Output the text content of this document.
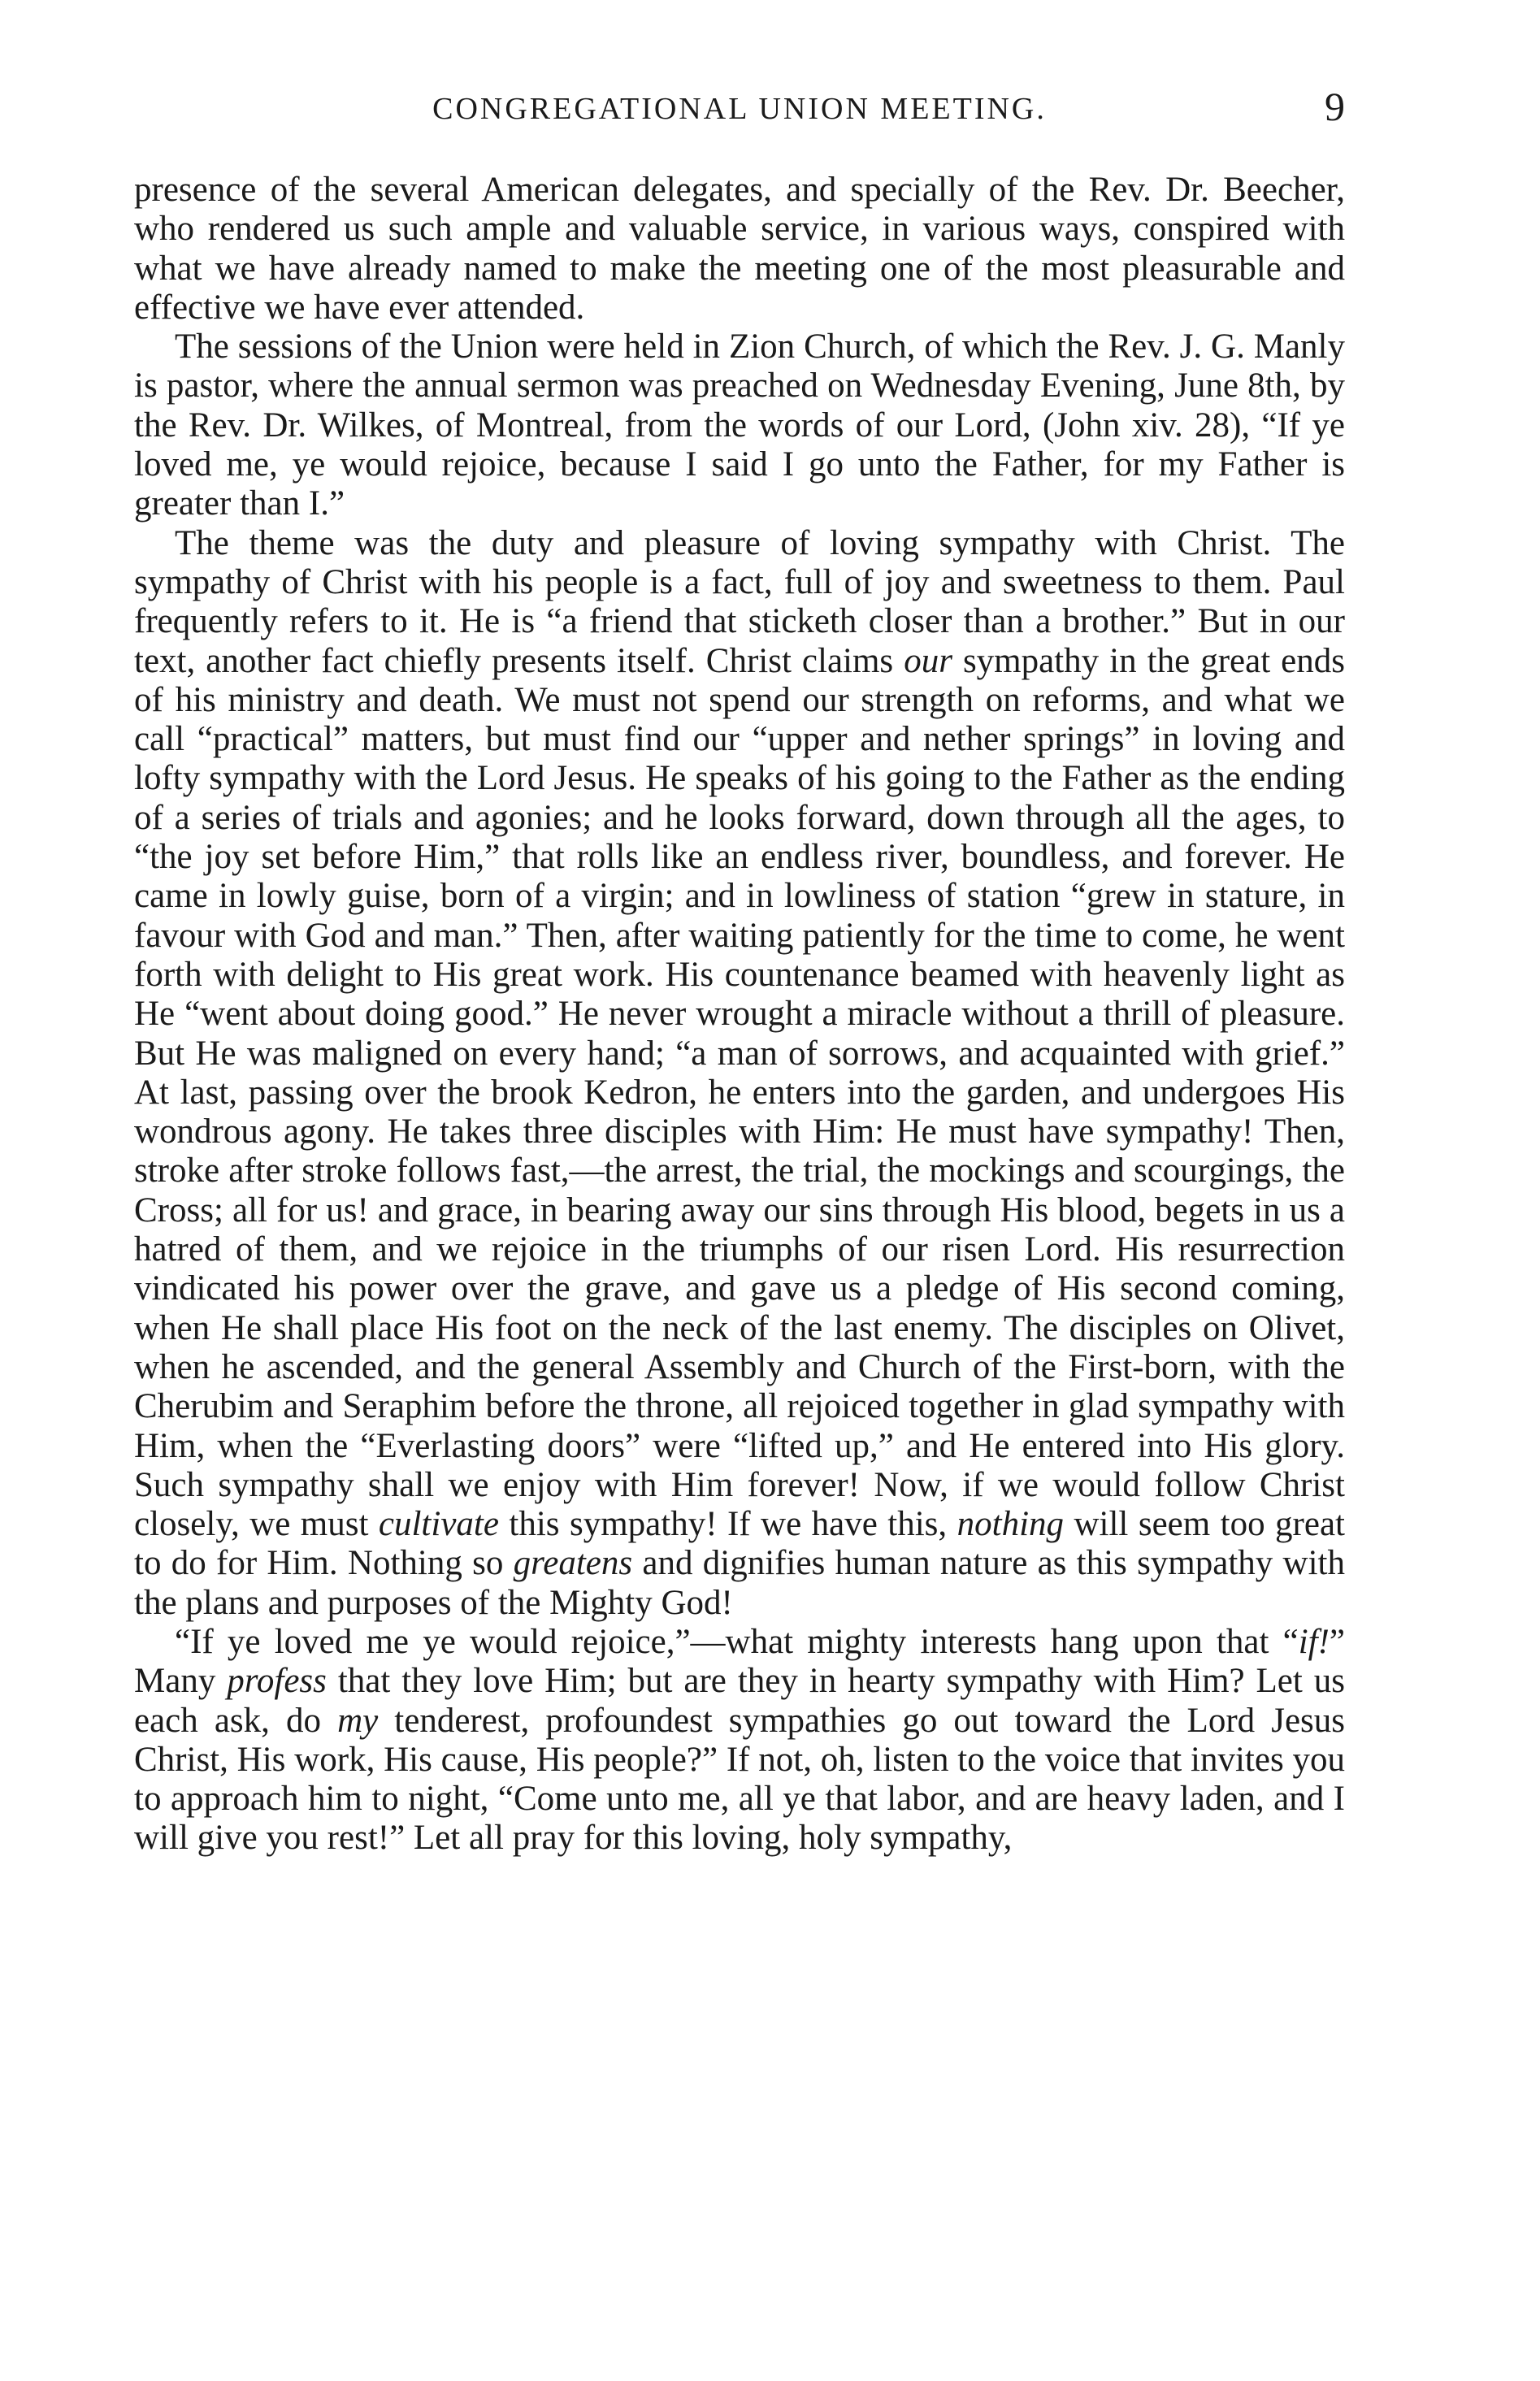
CONGREGATIONAL UNION MEETING.	9

presence of the several American delegates, and specially of the Rev. Dr. Beecher, who rendered us such ample and valuable service, in various ways, conspired with what we have already named to make the meeting one of the most pleasurable and effective we have ever attended.

The sessions of the Union were held in Zion Church, of which the Rev. J. G. Manly is pastor, where the annual sermon was preached on Wednesday Evening, June 8th, by the Rev. Dr. Wilkes, of Montreal, from the words of our Lord, (John xiv. 28), “If ye loved me, ye would rejoice, because I said I go unto the Father, for my Father is greater than I.”

The theme was the duty and pleasure of loving sympathy with Christ. The sympathy of Christ with his people is a fact, full of joy and sweetness to them. Paul frequently refers to it. He is “a friend that sticketh closer than a brother.” But in our text, another fact chiefly presents itself. Christ claims our sympathy in the great ends of his ministry and death. We must not spend our strength on reforms, and what we call “practical” matters, but must find our “upper and nether springs” in loving and lofty sympathy with the Lord Jesus. He speaks of his going to the Father as the ending of a series of trials and agonies; and he looks forward, down through all the ages, to “the joy set before Him,” that rolls like an endless river, boundless, and forever. He came in lowly guise, born of a virgin; and in lowliness of station “grew in stature, in favour with God and man.” Then, after waiting patiently for the time to come, he went forth with delight to His great work. His countenance beamed with heavenly light as He “went about doing good.” He never wrought a miracle without a thrill of pleasure. But He was maligned on every hand; “a man of sorrows, and acquainted with grief.” At last, passing over the brook Kedron, he enters into the garden, and undergoes His wondrous agony. He takes three disciples with Him: He must have sympathy! Then, stroke after stroke follows fast,—the arrest, the trial, the mockings and scourgings, the Cross; all for us! and grace, in bearing away our sins through His blood, begets in us a hatred of them, and we rejoice in the triumphs of our risen Lord. His resurrection vindicated his power over the grave, and gave us a pledge of His second coming, when He shall place His foot on the neck of the last enemy. The disciples on Olivet, when he ascended, and the general Assembly and Church of the First-born, with the Cherubim and Seraphim before the throne, all rejoiced together in glad sympathy with Him, when the “Everlasting doors” were “lifted up,” and He entered into His glory. Such sympathy shall we enjoy with Him forever! Now, if we would follow Christ closely, we must cultivate this sympathy! If we have this, nothing will seem too great to do for Him. Nothing so greatens and dignifies human nature as this sympathy with the plans and purposes of the Mighty God!

“If ye loved me ye would rejoice,”—what mighty interests hang upon that “if!” Many profess that they love Him; but are they in hearty sympathy with Him? Let us each ask, do my tenderest, profoundest sympathies go out toward the Lord Jesus Christ, His work, His cause, His people?” If not, oh, listen to the voice that invites you to approach him to night, “Come unto me, all ye that labor, and are heavy laden, and I will give you rest!” Let all pray for this loving, holy sympathy,
